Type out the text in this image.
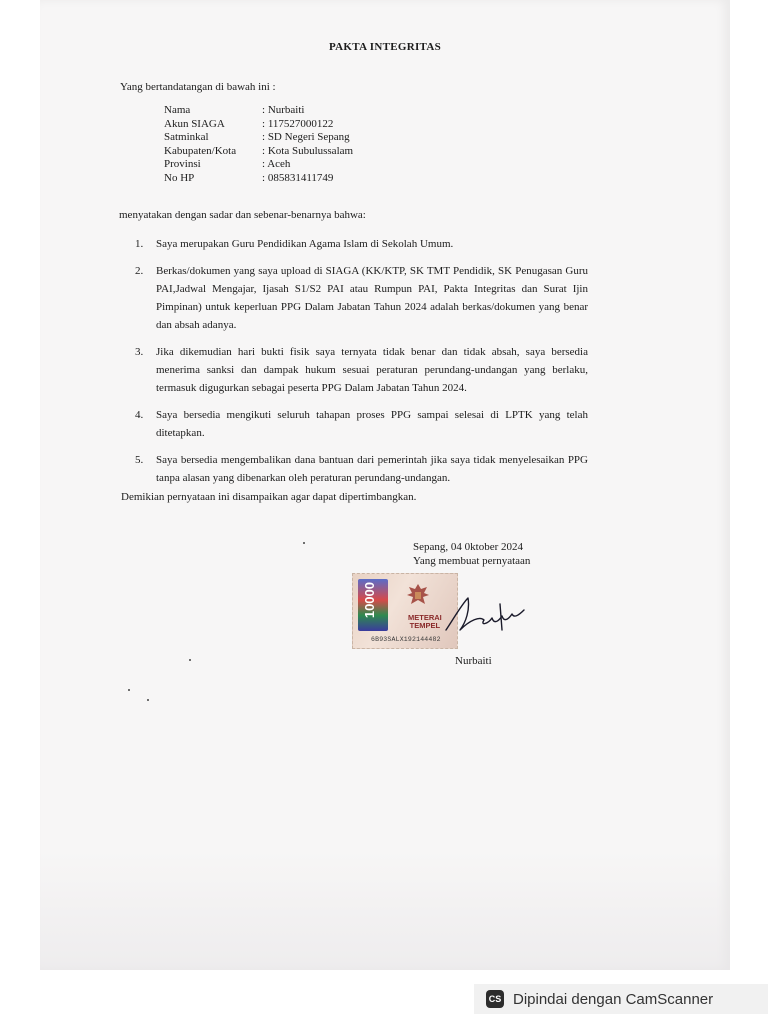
PAKTA INTEGRITAS
Yang bertandatangan di bawah ini :
Nama	: Nurbaiti
Akun SIAGA	: 117527000122
Satminkal	: SD Negeri Sepang
Kabupaten/Kota	: Kota Subulussalam
Provinsi	: Aceh
No HP	: 085831411749
menyatakan dengan sadar dan sebenar-benarnya bahwa:
1.	Saya merupakan Guru Pendidikan Agama Islam di Sekolah Umum.
2.	Berkas/dokumen yang saya upload di SIAGA (KK/KTP, SK TMT Pendidik, SK Penugasan Guru PAI,Jadwal Mengajar, Ijasah S1/S2 PAI atau Rumpun PAI, Pakta Integritas dan Surat Ijin Pimpinan) untuk keperluan PPG Dalam Jabatan Tahun 2024 adalah berkas/dokumen yang benar dan absah adanya.
3.	Jika dikemudian hari bukti fisik saya ternyata tidak benar dan tidak absah, saya bersedia menerima sanksi dan dampak hukum sesuai peraturan perundang-undangan yang berlaku, termasuk digugurkan sebagai peserta PPG Dalam Jabatan Tahun 2024.
4.	Saya bersedia mengikuti seluruh tahapan proses PPG sampai selesai di LPTK yang telah ditetapkan.
5.	Saya bersedia mengembalikan dana bantuan dari pemerintah jika saya tidak menyelesaikan PPG tanpa alasan yang dibenarkan oleh peraturan perundang-undangan.
Demikian pernyataan ini disampaikan agar dapat dipertimbangkan.
Sepang, 04 0ktober 2024
Yang membuat pernyataan
10000	METERAI
TEMPEL
6B93SALX192144482
Nurbaiti
CS Dipindai dengan CamScanner
